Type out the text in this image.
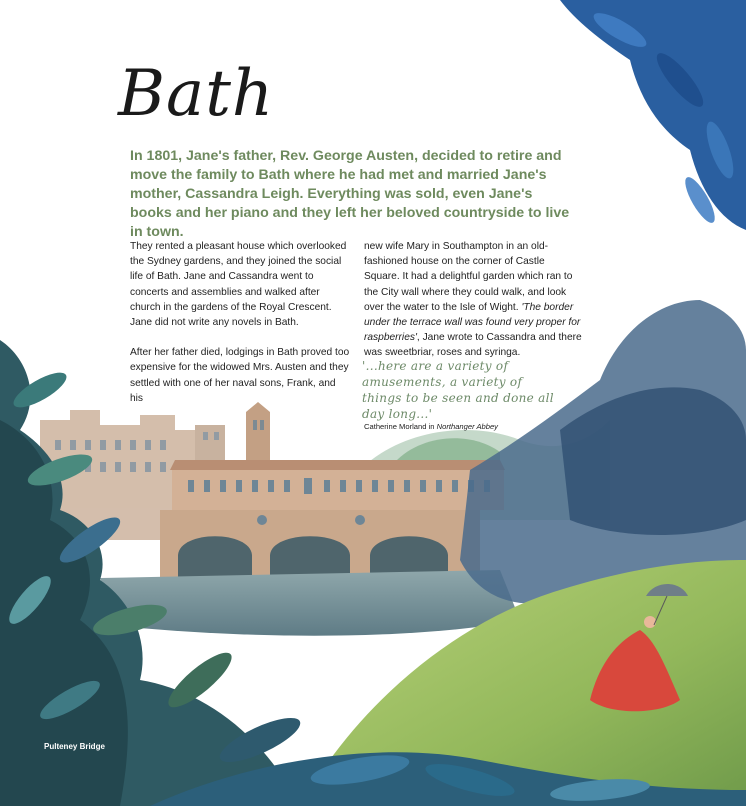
Bath

In 1801, Jane's father, Rev. George Austen, decided to retire and move the family to Bath where he had met and married Jane's mother, Cassandra Leigh. Everything was sold, even Jane's books and her piano and they left her beloved countryside to live in town.

They rented a pleasant house which overlooked the Sydney gardens, and they joined the social life of Bath. Jane and Cassandra went to concerts and assemblies and walked after church in the gardens of the Royal Crescent. Jane did not write any novels in Bath.

After her father died, lodgings in Bath proved too expensive for the widowed Mrs. Austen and they settled with one of her naval sons, Frank, and his

new wife Mary in Southampton in an old-fashioned house on the corner of Castle Square. It had a delightful garden which ran to the City wall where they could walk, and look over the water to the Isle of Wight. 'The border under the terrace wall was found very proper for raspberries', Jane wrote to Cassandra and there was sweetbriar, roses and syringa.

'...here are a variety of amusements, a variety of things to be seen and done all day long...'

Catherine Morland in Northanger Abbey

Pulteney Bridge
